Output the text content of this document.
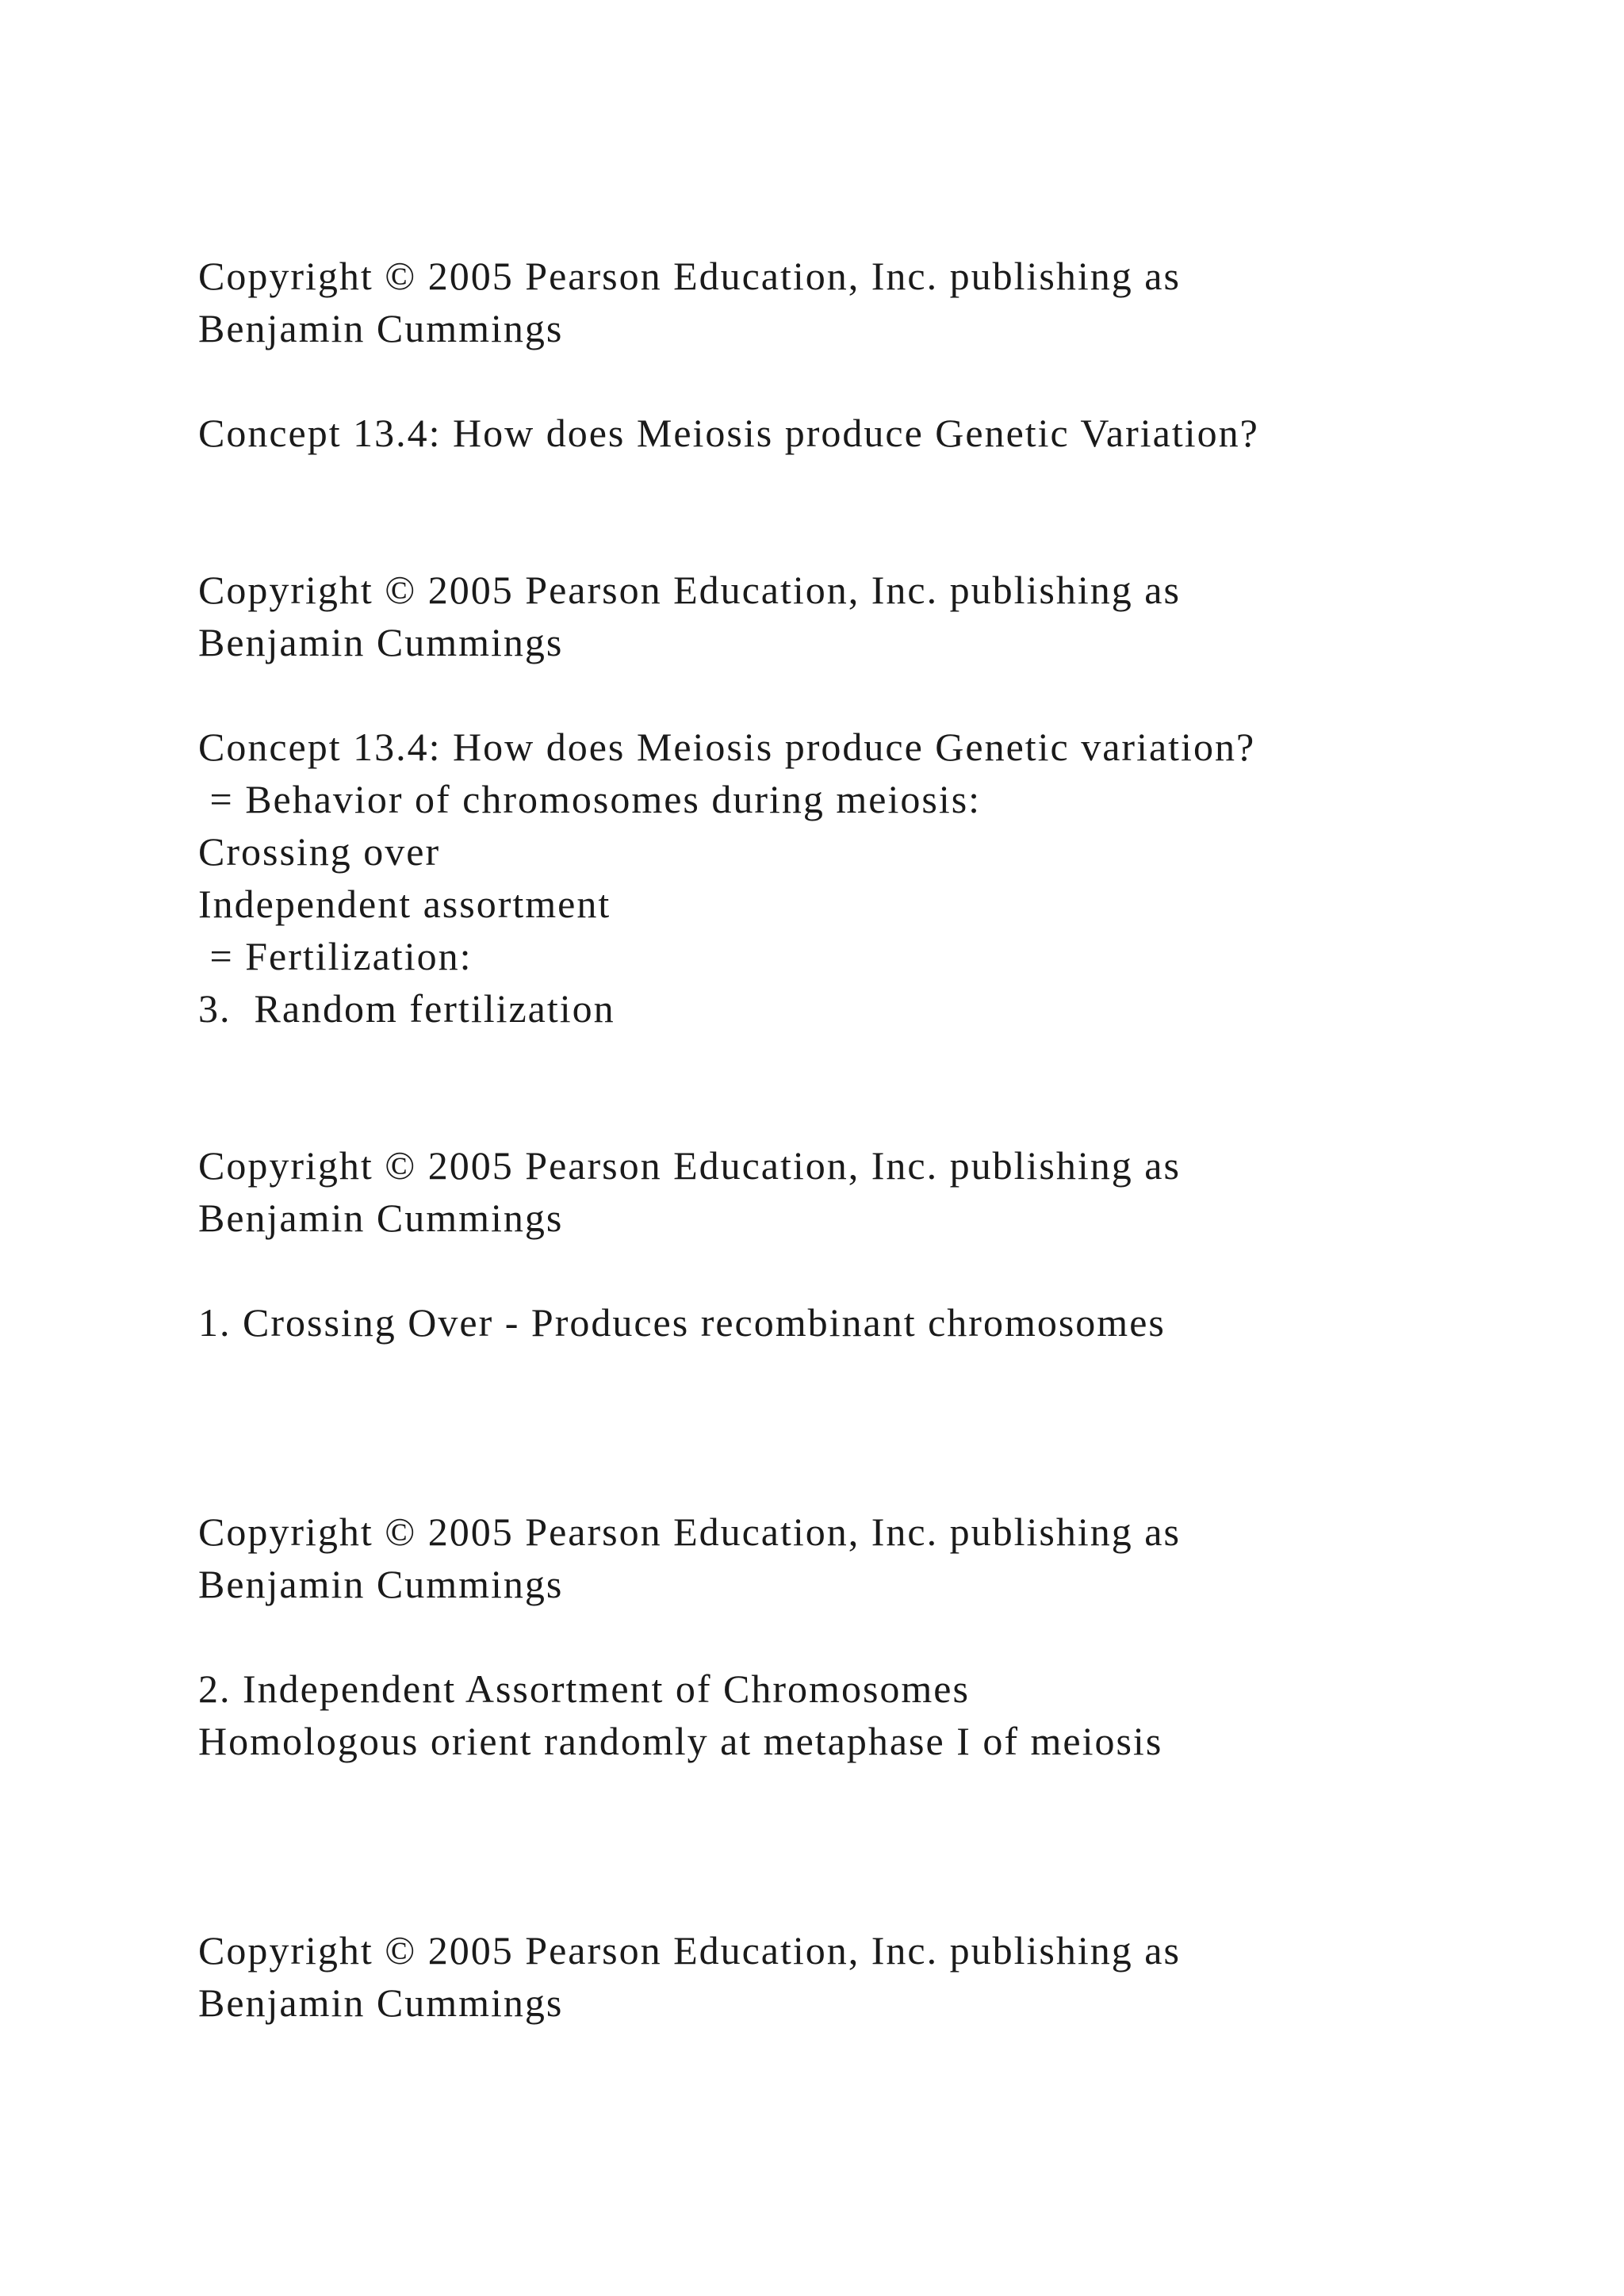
Copyright © 2005 Pearson Education, Inc. publishing as
Benjamin Cummings
Concept 13.4: How does Meiosis produce Genetic Variation?
Copyright © 2005 Pearson Education, Inc. publishing as
Benjamin Cummings
Concept 13.4: How does Meiosis produce Genetic variation?
= Behavior of chromosomes during meiosis:
Crossing over
Independent assortment
= Fertilization:
3.  Random fertilization
Copyright © 2005 Pearson Education, Inc. publishing as
Benjamin Cummings
1. Crossing Over - Produces recombinant chromosomes
Copyright © 2005 Pearson Education, Inc. publishing as
Benjamin Cummings
2. Independent Assortment of Chromosomes
Homologous orient randomly at metaphase I of meiosis
Copyright © 2005 Pearson Education, Inc. publishing as
Benjamin Cummings
